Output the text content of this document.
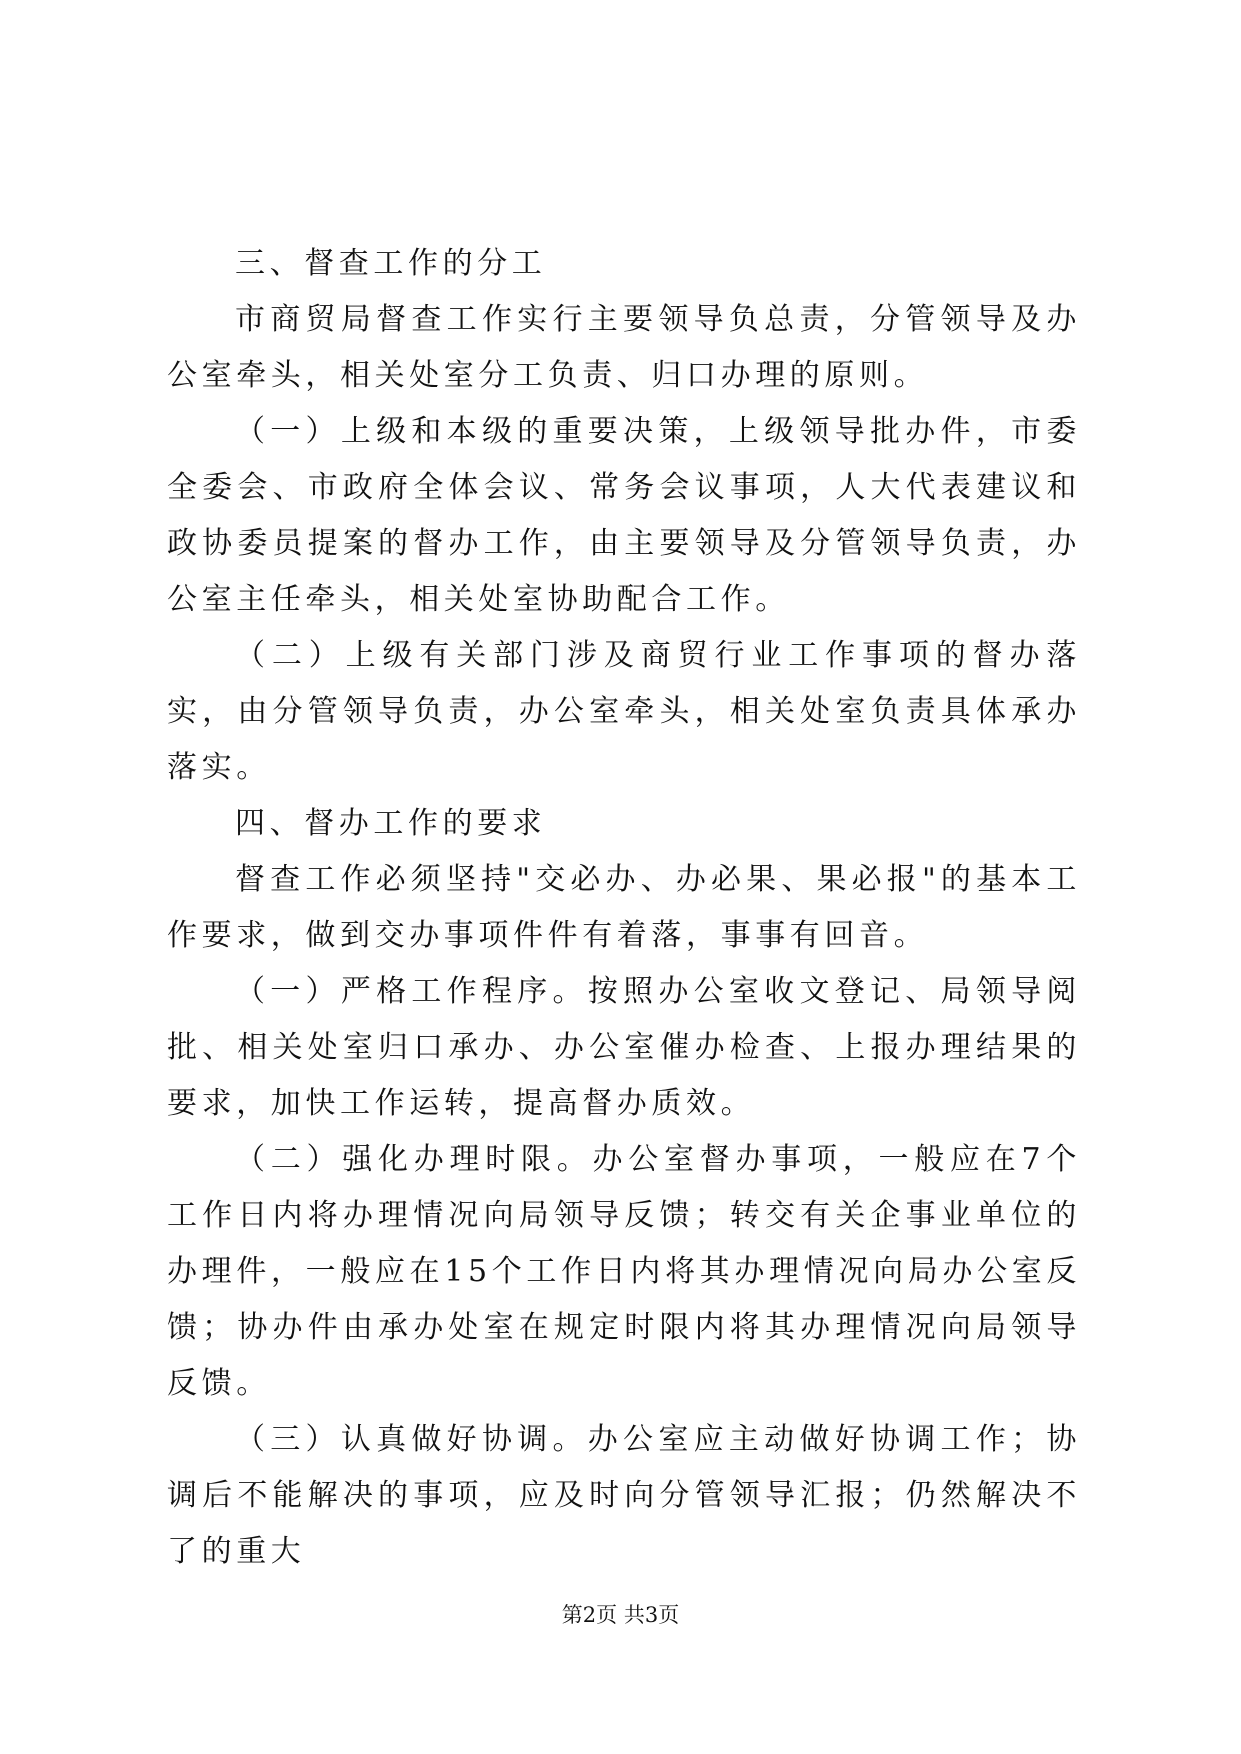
三、督查工作的分工

市商贸局督查工作实行主要领导负总责，分管领导及办公室牵头，相关处室分工负责、归口办理的原则。

（一）上级和本级的重要决策，上级领导批办件，市委全委会、市政府全体会议、常务会议事项，人大代表建议和政协委员提案的督办工作，由主要领导及分管领导负责，办公室主任牵头，相关处室协助配合工作。

（二）上级有关部门涉及商贸行业工作事项的督办落实，由分管领导负责，办公室牵头，相关处室负责具体承办落实。

四、督办工作的要求

督查工作必须坚持"交必办、办必果、果必报"的基本工作要求，做到交办事项件件有着落，事事有回音。

（一）严格工作程序。按照办公室收文登记、局领导阅批、相关处室归口承办、办公室催办检查、上报办理结果的要求，加快工作运转，提高督办质效。

（二）强化办理时限。办公室督办事项，一般应在7个工作日内将办理情况向局领导反馈；转交有关企事业单位的办理件，一般应在15个工作日内将其办理情况向局办公室反馈；协办件由承办处室在规定时限内将其办理情况向局领导反馈。

（三）认真做好协调。办公室应主动做好协调工作；协调后不能解决的事项，应及时向分管领导汇报；仍然解决不了的重大

第2页 共3页
